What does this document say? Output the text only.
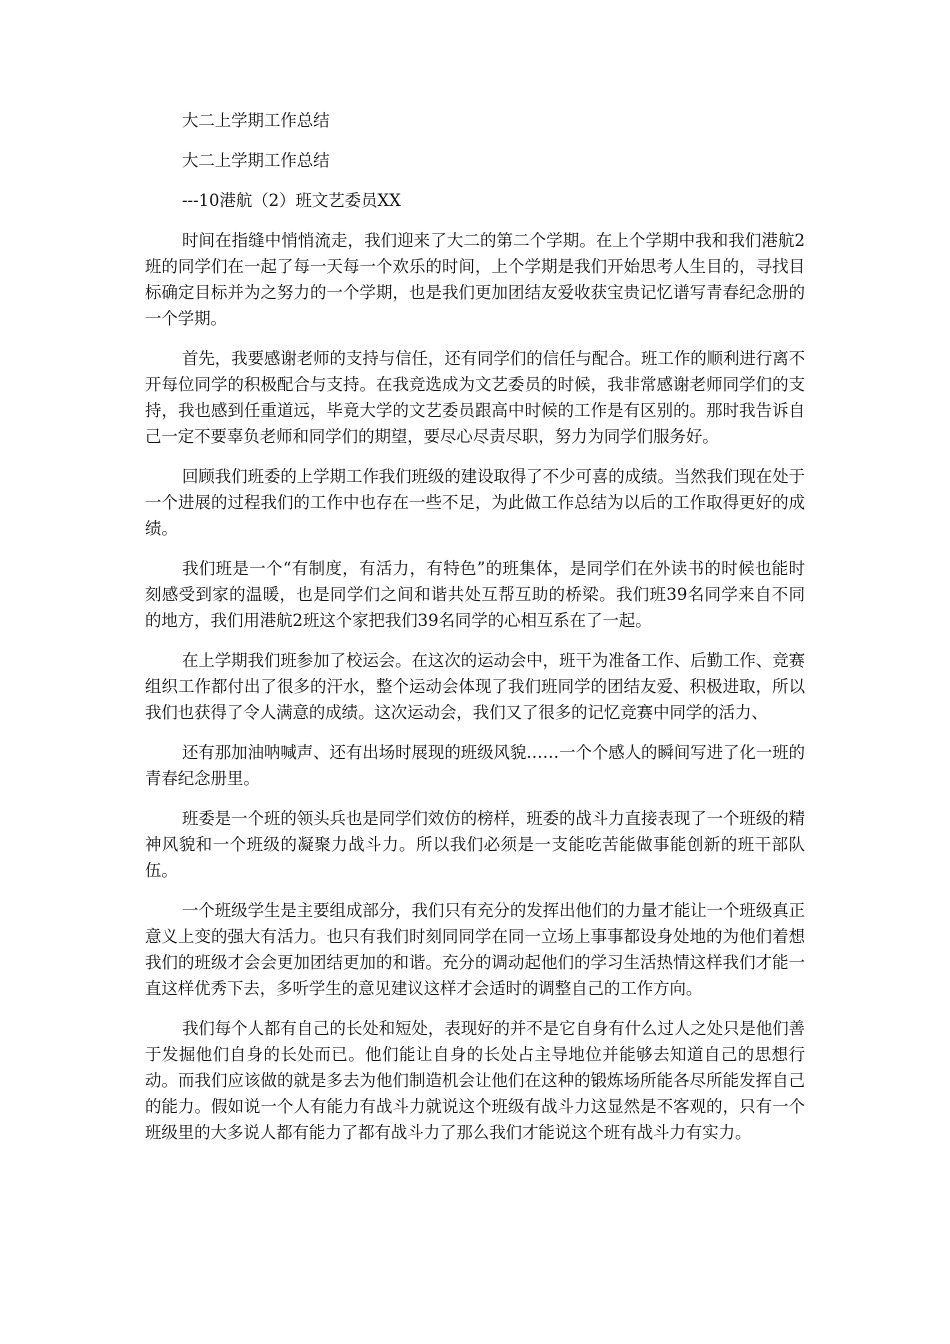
大二上学期工作总结
大二上学期工作总结
---10港航（2）班文艺委员XX

时间在指缝中悄悄流走，我们迎来了大二的第二个学期。在上个学期中我和我们港航2班的同学们在一起了每一天每一个欢乐的时间，上个学期是我们开始思考人生目的，寻找目标确定目标并为之努力的一个学期，也是我们更加团结友爱收获宝贵记忆谱写青春纪念册的一个学期。

首先，我要感谢老师的支持与信任，还有同学们的信任与配合。班工作的顺利进行离不开每位同学的积极配合与支持。在我竞选成为文艺委员的时候，我非常感谢老师同学们的支持，我也感到任重道远，毕竟大学的文艺委员跟高中时候的工作是有区别的。那时我告诉自己一定不要辜负老师和同学们的期望，要尽心尽责尽职，努力为同学们服务好。

回顾我们班委的上学期工作我们班级的建设取得了不少可喜的成绩。当然我们现在处于一个进展的过程我们的工作中也存在一些不足，为此做工作总结为以后的工作取得更好的成绩。

我们班是一个“有制度，有活力，有特色”的班集体，是同学们在外读书的时候也能时刻感受到家的温暖，也是同学们之间和谐共处互帮互助的桥梁。我们班39名同学来自不同的地方，我们用港航2班这个家把我们39名同学的心相互系在了一起。

在上学期我们班参加了校运会。在这次的运动会中，班干为准备工作、后勤工作、竞赛组织工作都付出了很多的汗水，整个运动会体现了我们班同学的团结友爱、积极进取，所以我们也获得了令人满意的成绩。这次运动会，我们又了很多的记忆竞赛中同学的活力、

还有那加油呐喊声、还有出场时展现的班级风貌……一个个感人的瞬间写进了化一班的青春纪念册里。

班委是一个班的领头兵也是同学们效仿的榜样，班委的战斗力直接表现了一个班级的精神风貌和一个班级的凝聚力战斗力。所以我们必须是一支能吃苦能做事能创新的班干部队伍。

一个班级学生是主要组成部分，我们只有充分的发挥出他们的力量才能让一个班级真正意义上变的强大有活力。也只有我们时刻同同学在同一立场上事事都设身处地的为他们着想我们的班级才会会更加团结更加的和谐。充分的调动起他们的学习生活热情这样我们才能一直这样优秀下去，多听学生的意见建议这样才会适时的调整自己的工作方向。

我们每个人都有自己的长处和短处，表现好的并不是它自身有什么过人之处只是他们善于发掘他们自身的长处而已。他们能让自身的长处占主导地位并能够去知道自己的思想行动。而我们应该做的就是多去为他们制造机会让他们在这种的锻炼场所能各尽所能发挥自己的能力。假如说一个人有能力有战斗力就说这个班级有战斗力这显然是不客观的，只有一个班级里的大多说人都有能力了都有战斗力了那么我们才能说这个班有战斗力有实力。
